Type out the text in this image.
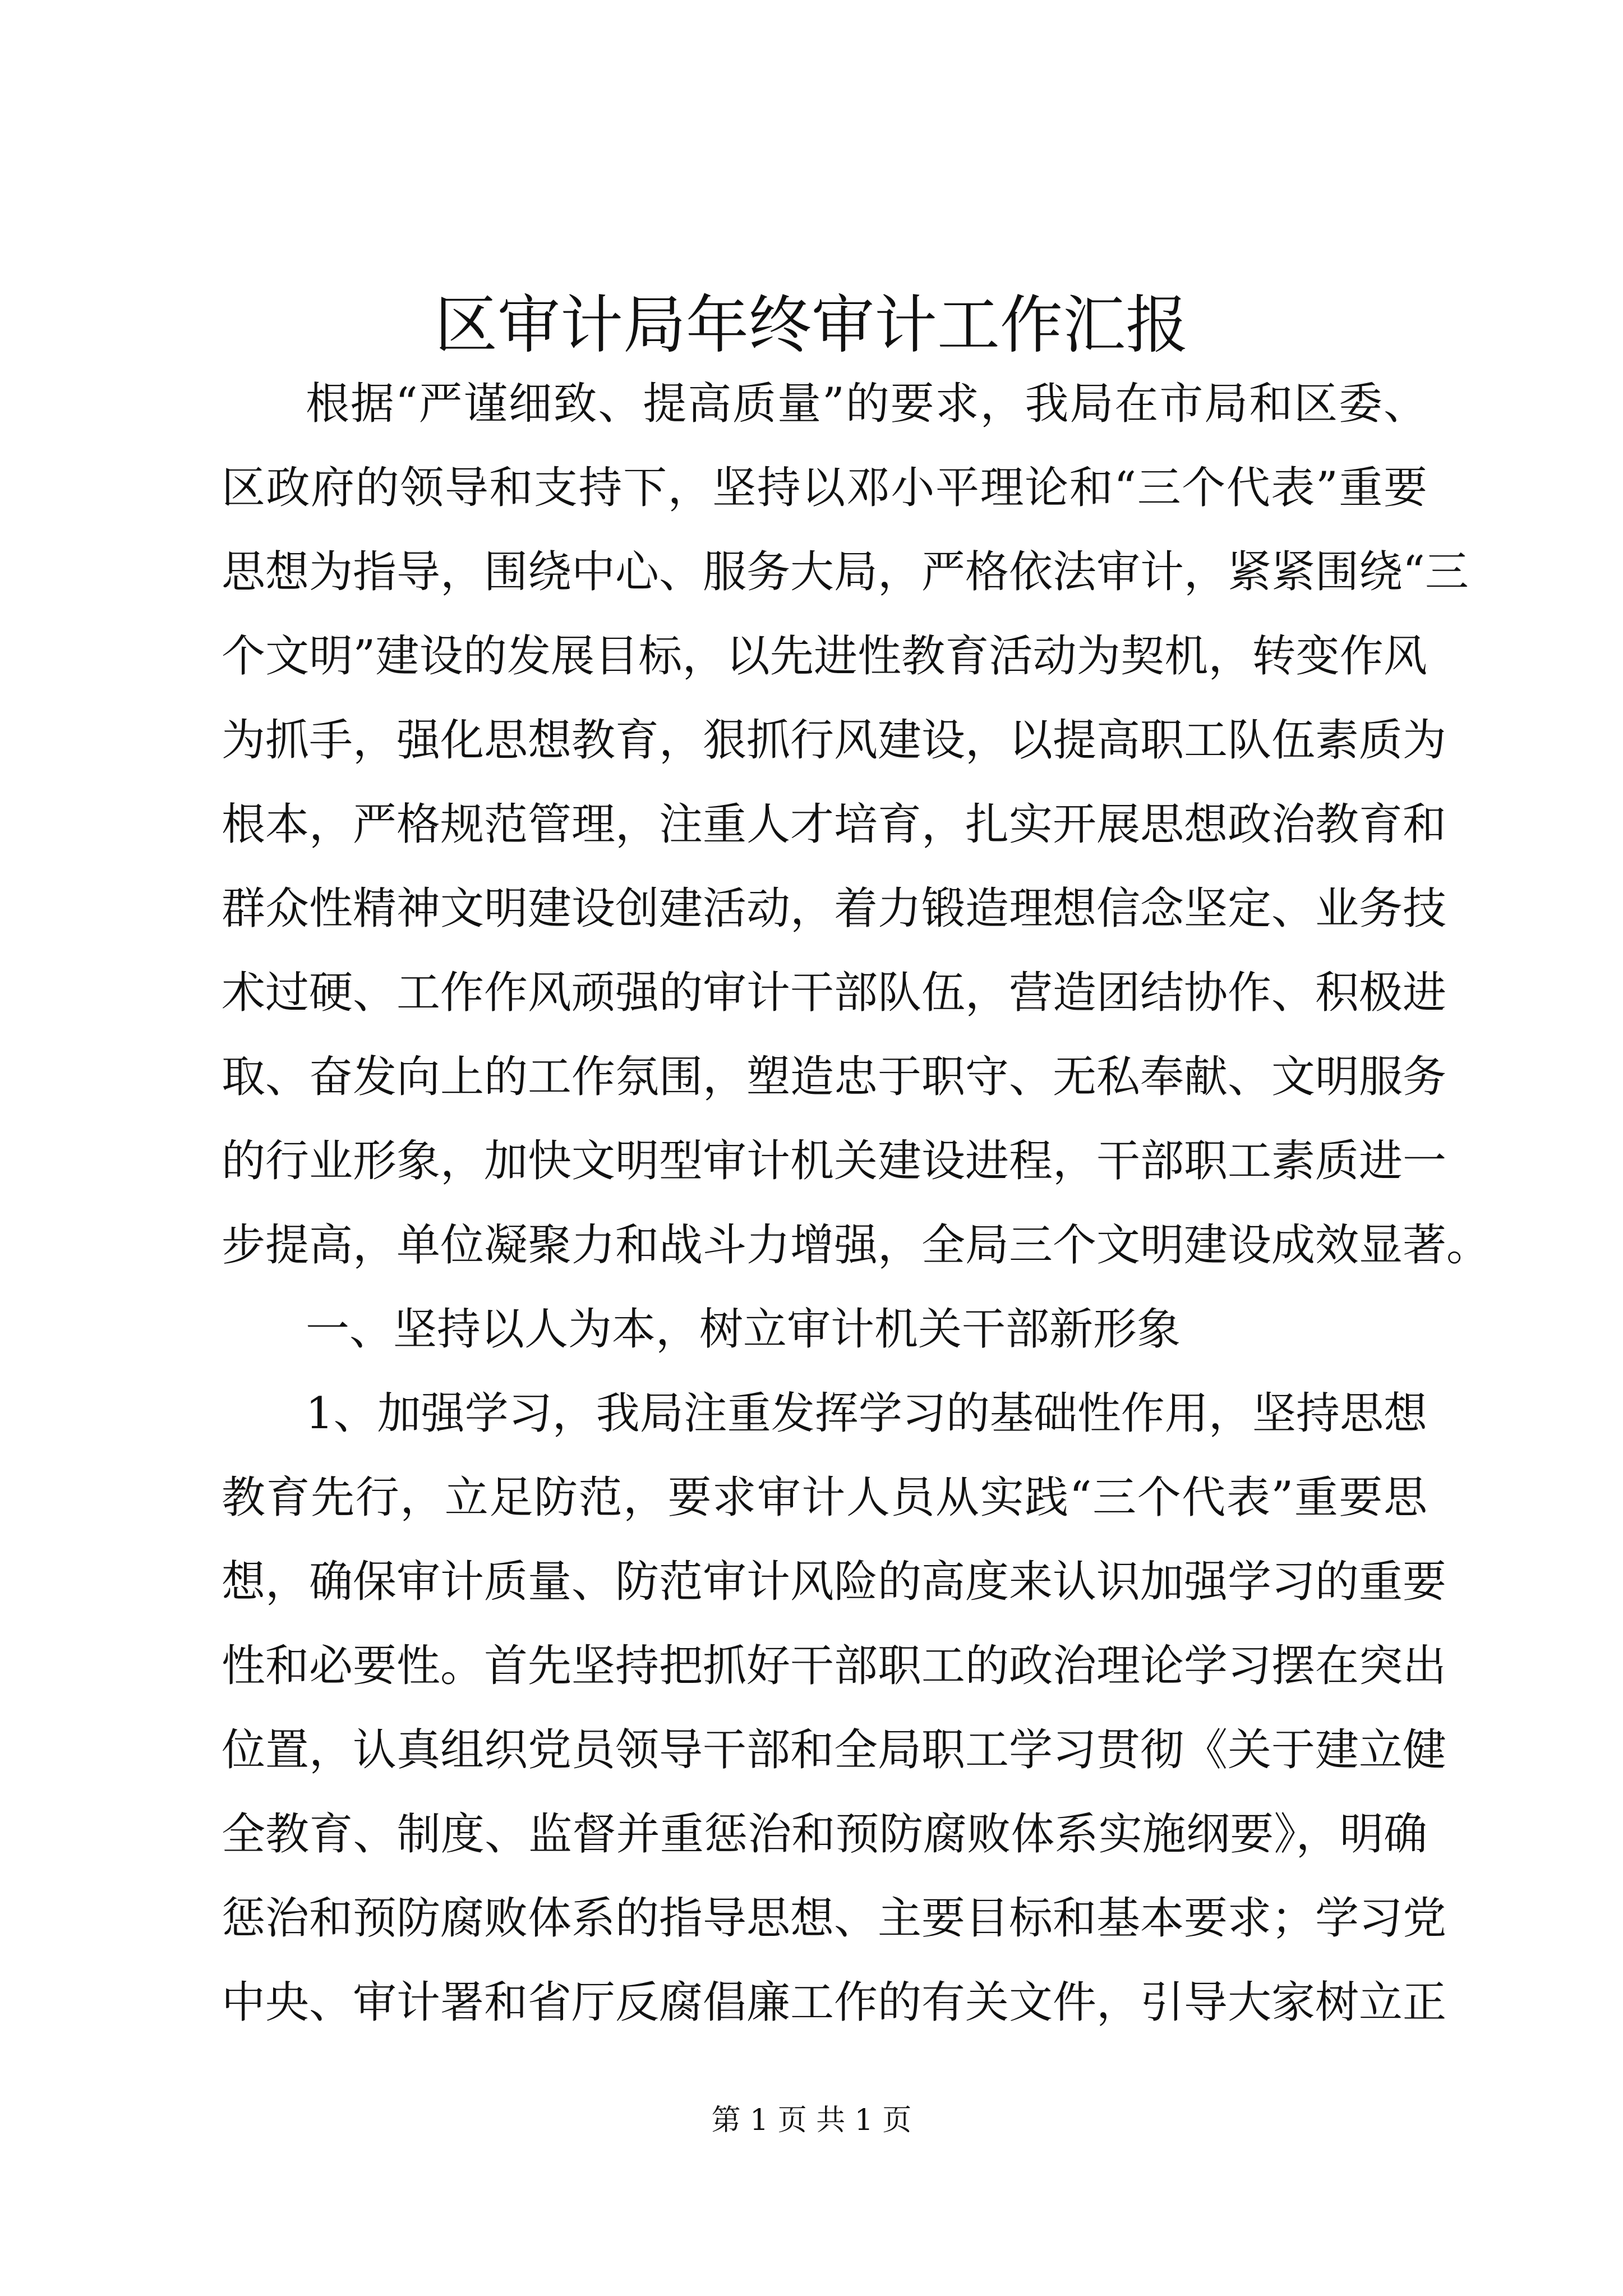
区审计局年终审计工作汇报
根据“严谨细致、提高质量”的要求，我局在市局和区委、
区政府的领导和支持下，坚持以邓小平理论和“三个代表”重要
思想为指导，围绕中心、服务大局，严格依法审计，紧紧围绕“三
个文明”建设的发展目标，以先进性教育活动为契机，转变作风
为抓手，强化思想教育，狠抓行风建设，以提高职工队伍素质为
根本，严格规范管理，注重人才培育，扎实开展思想政治教育和
群众性精神文明建设创建活动，着力锻造理想信念坚定、业务技
术过硬、工作作风顽强的审计干部队伍，营造团结协作、积极进
取、奋发向上的工作氛围，塑造忠于职守、无私奉献、文明服务
的行业形象，加快文明型审计机关建设进程，干部职工素质进一
步提高，单位凝聚力和战斗力增强，全局三个文明建设成效显著。
一、坚持以人为本，树立审计机关干部新形象
1、加强学习，我局注重发挥学习的基础性作用，坚持思想
教育先行，立足防范，要求审计人员从实践“三个代表”重要思
想，确保审计质量、防范审计风险的高度来认识加强学习的重要
性和必要性。首先坚持把抓好干部职工的政治理论学习摆在突出
位置，认真组织党员领导干部和全局职工学习贯彻《关于建立健
全教育、制度、监督并重惩治和预防腐败体系实施纲要》，明确
惩治和预防腐败体系的指导思想、主要目标和基本要求；学习党
中央、审计署和省厅反腐倡廉工作的有关文件，引导大家树立正
第 1 页 共 1 页
